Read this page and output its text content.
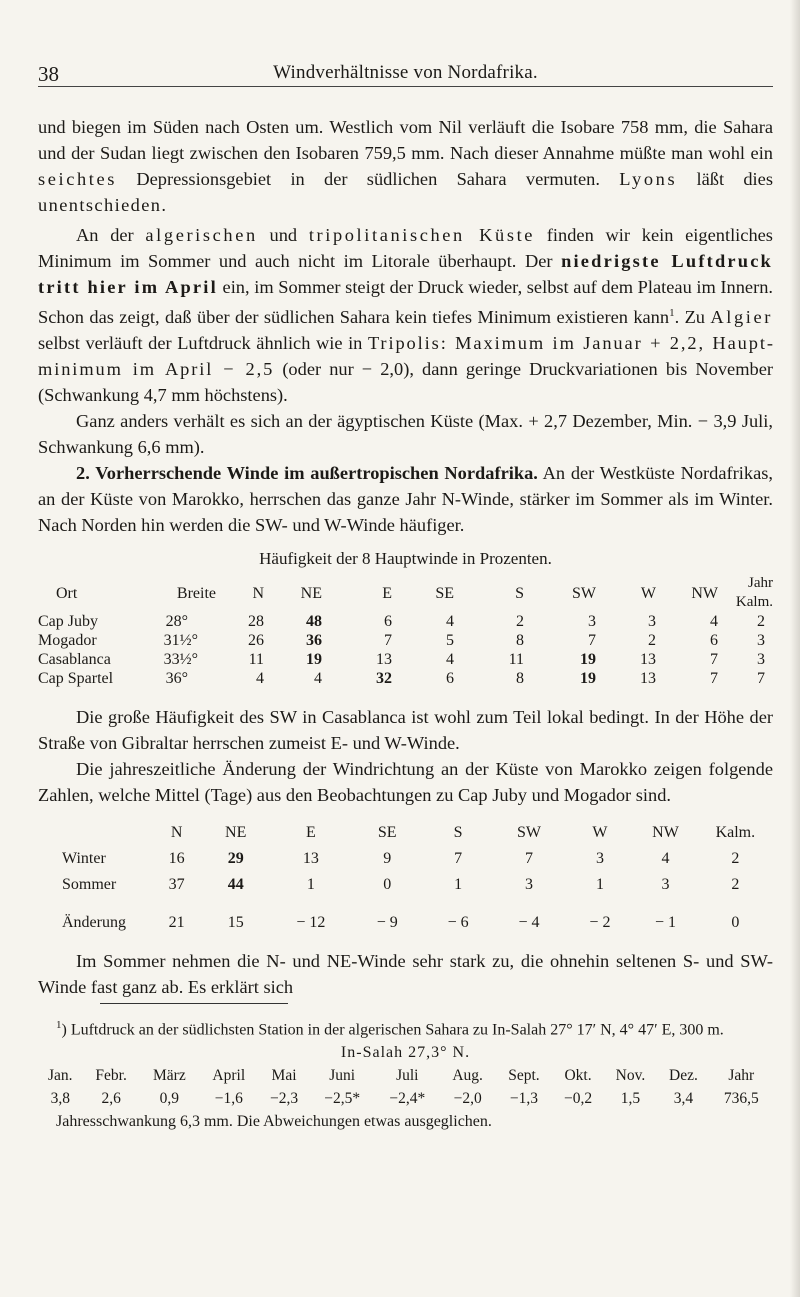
38	Windverhältnisse von Nordafrika.

und biegen im Süden nach Osten um. Westlich vom Nil verläuft die Isobare 758 mm, die Sahara und der Sudan liegt zwischen den Isobaren 759,5 mm. Nach dieser Annahme müßte man wohl ein seichtes Depressionsgebiet in der südlichen Sahara vermuten. Lyons läßt dies unentschieden.

An der algerischen und tripolitanischen Küste finden wir kein eigentliches Minimum im Sommer und auch nicht im Litorale überhaupt. Der niedrigste Luftdruck tritt hier im April ein, im Sommer steigt der Druck wieder, selbst auf dem Plateau im Innern. Schon das zeigt, daß über der südlichen Sahara kein tiefes Minimum existieren kann$^1$. Zu Algier selbst verläuft der Luftdruck ähnlich wie in Tripolis: Maximum im Januar + 2,2, Hauptminimum im April − 2,5 (oder nur − 2,0), dann geringe Druckvariationen bis November (Schwankung 4,7 mm höchstens).

Ganz anders verhält es sich an der ägyptischen Küste (Max. + 2,7 Dezember, Min. − 3,9 Juli, Schwankung 6,6 mm).

2. Vorherrschende Winde im außertropischen Nordafrika. An der Westküste Nordafrikas, an der Küste von Marokko, herrschen das ganze Jahr N-Winde, stärker im Sommer als im Winter. Nach Norden hin werden die SW- und W-Winde häufiger.

Häufigkeit der 8 Hauptwinde in Prozenten.
Ort	Breite	N	NE	E	SE	S	SW	W	NW	Jahr
Kalm.
Cap Juby	28°	28	48	6	4	2	3	3	4	2
Mogador	31½°	26	36	7	5	8	7	2	6	3
Casablanca	33½°	11	19	13	4	11	19	13	7	3
Cap Spartel	36°	4	4	32	6	8	19	13	7	7

Die große Häufigkeit des SW in Casablanca ist wohl zum Teil lokal bedingt. In der Höhe der Straße von Gibraltar herrschen zumeist E- und W-Winde.

Die jahreszeitliche Änderung der Windrichtung an der Küste von Marokko zeigen folgende Zahlen, welche Mittel (Tage) aus den Beobachtungen zu Cap Juby und Mogador sind.

	N	NE	E	SE	S	SW	W	NW	Kalm.
Winter	16	29	13	9	7	7	3	4	2
Sommer	37	44	1	0	1	3	1	3	2
Änderung	21	15	− 12	− 9	− 6	− 4	− 2	− 1	0

Im Sommer nehmen die N- und NE-Winde sehr stark zu, die ohnehin seltenen S- und SW-Winde fast ganz ab. Es erklärt sich

$^1$) Luftdruck an der südlichsten Station in der algerischen Sahara zu In-Salah 27° 17′ N, 4° 47′ E, 300 m.

In-Salah 27,3° N.

Jan.	Febr.	März	April	Mai	Juni	Juli	Aug.	Sept.	Okt.	Nov.	Dez.	Jahr
3,8	2,6	0,9	−1,6	−2,3	−2,5*	−2,4*	−2,0	−1,3	−0,2	1,5	3,4	736,5

Jahresschwankung 6,3 mm. Die Abweichungen etwas ausgeglichen.
